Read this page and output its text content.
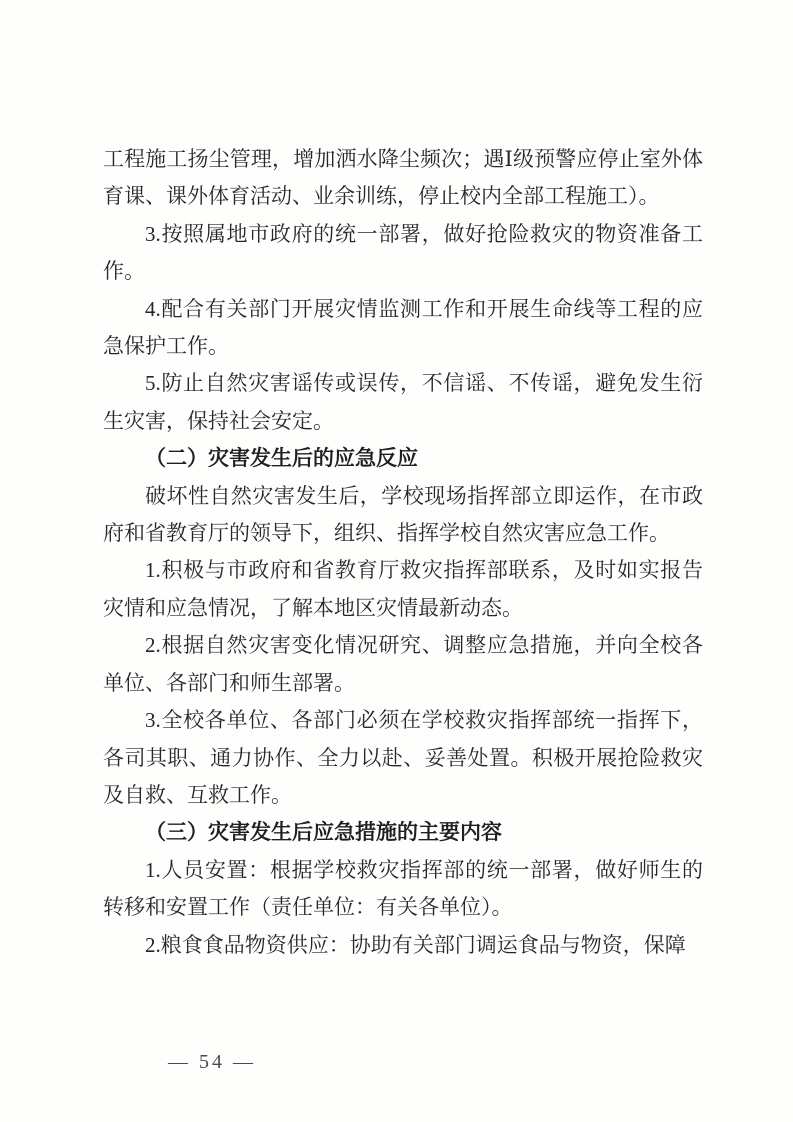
工程施工扬尘管理，增加洒水降尘频次；遇Ⅰ级预警应停止室外体育课、课外体育活动、业余训练，停止校内全部工程施工）。

3.按照属地市政府的统一部署，做好抢险救灾的物资准备工作。

4.配合有关部门开展灾情监测工作和开展生命线等工程的应急保护工作。

5.防止自然灾害谣传或误传，不信谣、不传谣，避免发生衍生灾害，保持社会安定。

（二）灾害发生后的应急反应

破坏性自然灾害发生后，学校现场指挥部立即运作，在市政府和省教育厅的领导下，组织、指挥学校自然灾害应急工作。

1.积极与市政府和省教育厅救灾指挥部联系，及时如实报告灾情和应急情况，了解本地区灾情最新动态。

2.根据自然灾害变化情况研究、调整应急措施，并向全校各单位、各部门和师生部署。

3.全校各单位、各部门必须在学校救灾指挥部统一指挥下，各司其职、通力协作、全力以赴、妥善处置。积极开展抢险救灾及自救、互救工作。

（三）灾害发生后应急措施的主要内容

1.人员安置：根据学校救灾指挥部的统一部署，做好师生的转移和安置工作（责任单位：有关各单位）。

2.粮食食品物资供应：协助有关部门调运食品与物资，保障

— 54 —
